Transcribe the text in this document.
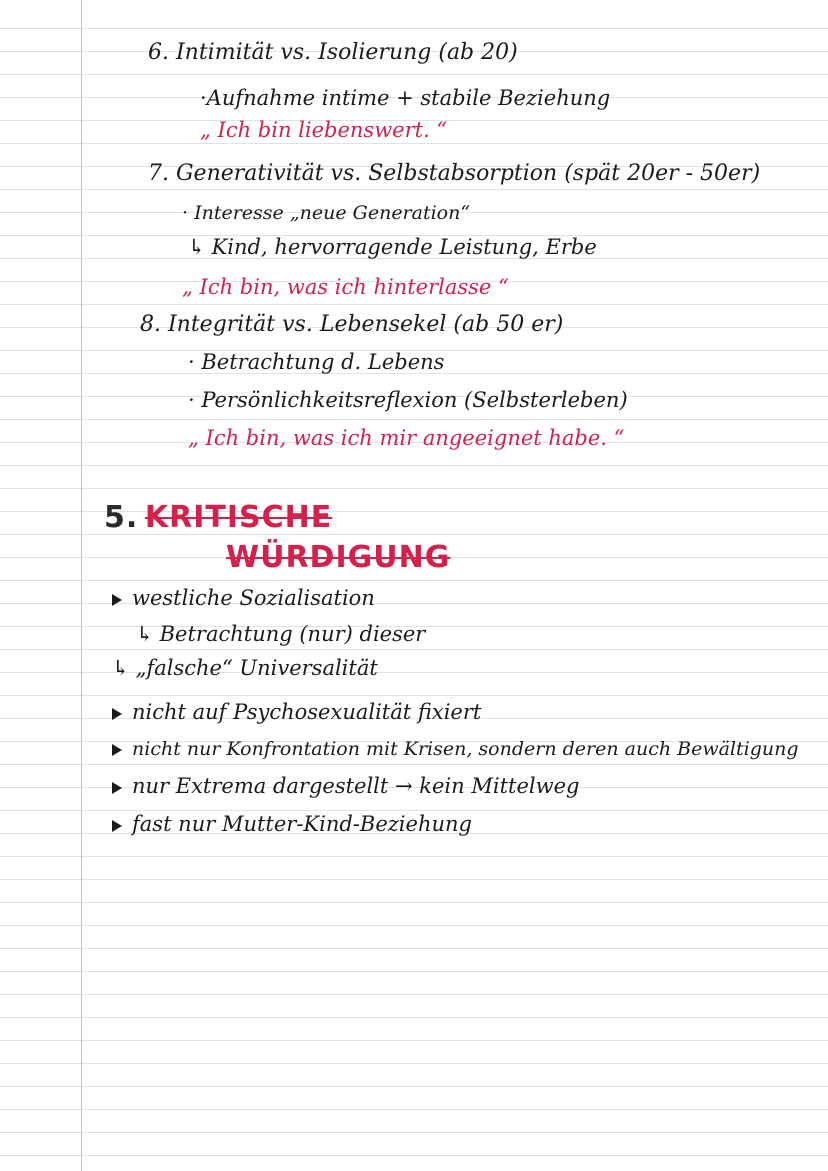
6. Intimität vs. Isolierung (ab 20)
·Aufnahme intime + stabile Beziehung
„ Ich bin liebenswert. “
7. Generativität vs. Selbstabsorption (spät 20er - 50er)
· Interesse „neue Generation“
↳ Kind, hervorragende Leistung, Erbe
„ Ich bin, was ich hinterlasse “
8. Integrität vs. Lebensekel (ab 50 er)
· Betrachtung d. Lebens
· Persönlichkeitsreflexion (Selbsterleben)
„ Ich bin, was ich mir angeeignet habe. “
5. KRITISCHE
WÜRDIGUNG
westliche Sozialisation
↳ Betrachtung (nur) dieser
↳ „falsche“ Universalität
nicht auf Psychosexualität fixiert
nicht nur Konfrontation mit Krisen, sondern deren auch Bewältigung
nur Extrema dargestellt → kein Mittelweg
fast nur Mutter-Kind-Beziehung
